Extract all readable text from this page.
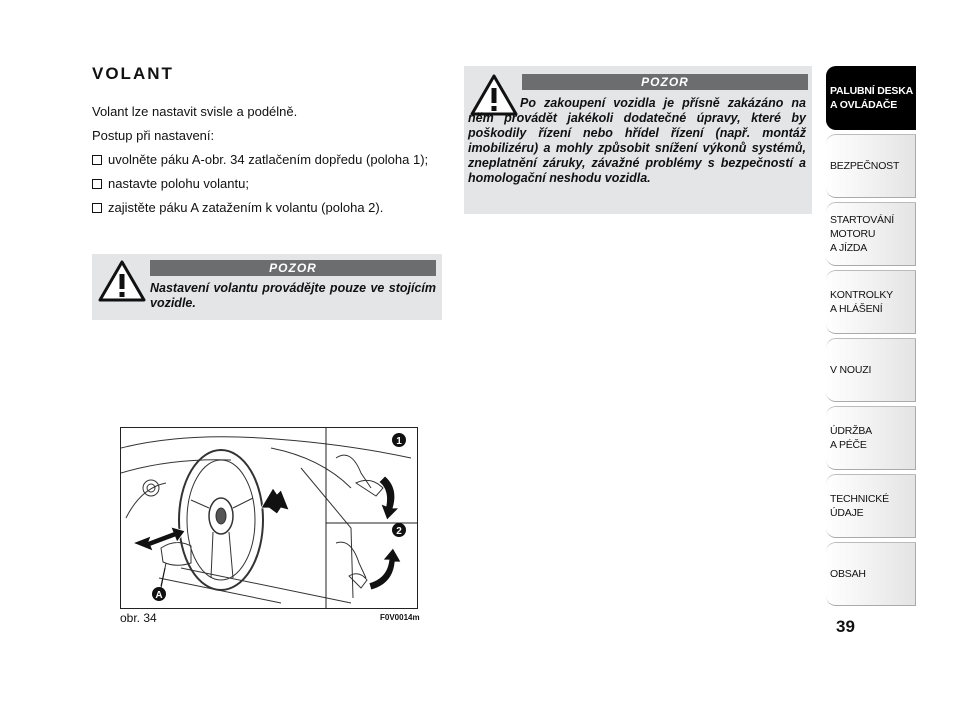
VOLANT

Volant lze nastavit svisle a podélně.

Postup při nastavení:

uvolněte páku A-obr. 34 zatlačením dopředu (poloha 1);
nastavte polohu volantu;
zajistěte páku A zatažením k volantu (poloha 2).
POZOR
Po zakoupení vozidla je přísně zakázáno na něm provádět jakékoli dodatečné úpravy, které by poškodily řízení nebo hřídel řízení (např. montáž imobilizéru) a mohly způsobit snížení výkonů systémů, zneplatnění záruky, závažné problémy s bezpečností a homologační neshodu vozidla.
POZOR
Nastavení volantu provádějte pouze ve stojícím vozidle.
1
2
A
obr. 34	F0V0014m
PALUBNÍ DESKA
A OVLÁDAČE
BEZPEČNOST
STARTOVÁNÍ
MOTORU
A JÍZDA
KONTROLKY
A HLÁŠENÍ
V NOUZI
ÚDRŽBA
A PÉČE
TECHNICKÉ
ÚDAJE
OBSAH
39
